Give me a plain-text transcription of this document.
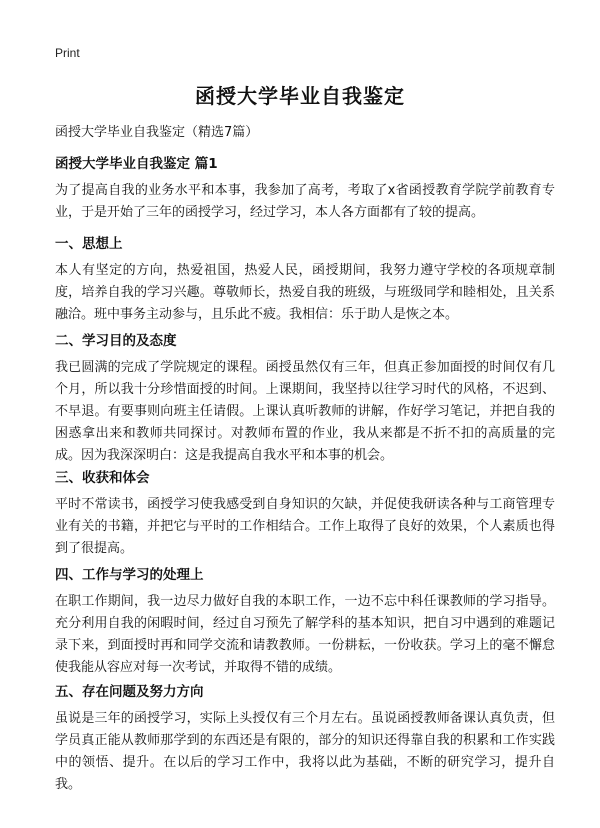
Print
函授大学毕业自我鉴定
函授大学毕业自我鉴定（精选7篇）
函授大学毕业自我鉴定 篇1

为了提高自我的业务水平和本事，我参加了高考，考取了x省函授教育学院学前教育专业，于是开始了三年的函授学习，经过学习，本人各方面都有了较的提高。

一、思想上

本人有坚定的方向，热爱祖国，热爱人民，函授期间，我努力遵守学校的各项规章制度，培养自我的学习兴趣。尊敬师长，热爱自我的班级，与班级同学和睦相处，且关系融洽。班中事务主动参与，且乐此不疲。我相信：乐于助人是恢之本。

二、学习目的及态度

我已圆满的完成了学院规定的课程。函授虽然仅有三年，但真正参加面授的时间仅有几个月，所以我十分珍惜面授的时间。上课期间，我坚持以往学习时代的风格，不迟到、不早退。有要事则向班主任请假。上课认真听教师的讲解，作好学习笔记，并把自我的困惑拿出来和教师共同探讨。对教师布置的作业，我从来都是不折不扣的高质量的完成。因为我深深明白：这是我提高自我水平和本事的机会。

三、收获和体会

平时不常读书，函授学习使我感受到自身知识的欠缺，并促使我研读各种与工商管理专业有关的书籍，并把它与平时的工作相结合。工作上取得了良好的效果，个人素质也得到了很提高。

四、工作与学习的处理上

在职工作期间，我一边尽力做好自我的本职工作，一边不忘中科任课教师的学习指导。充分利用自我的闲暇时间，经过自习预先了解学科的基本知识，把自习中遇到的难题记录下来，到面授时再和同学交流和请教教师。一份耕耘，一份收获。学习上的毫不懈怠使我能从容应对每一次考试，并取得不错的成绩。

五、存在问题及努力方向

虽说是三年的函授学习，实际上头授仅有三个月左右。虽说函授教师备课认真负责，但学员真正能从教师那学到的东西还是有限的，部分的知识还得靠自我的积累和工作实践中的领悟、提升。在以后的学习工作中，我将以此为基础，不断的研究学习，提升自我。
